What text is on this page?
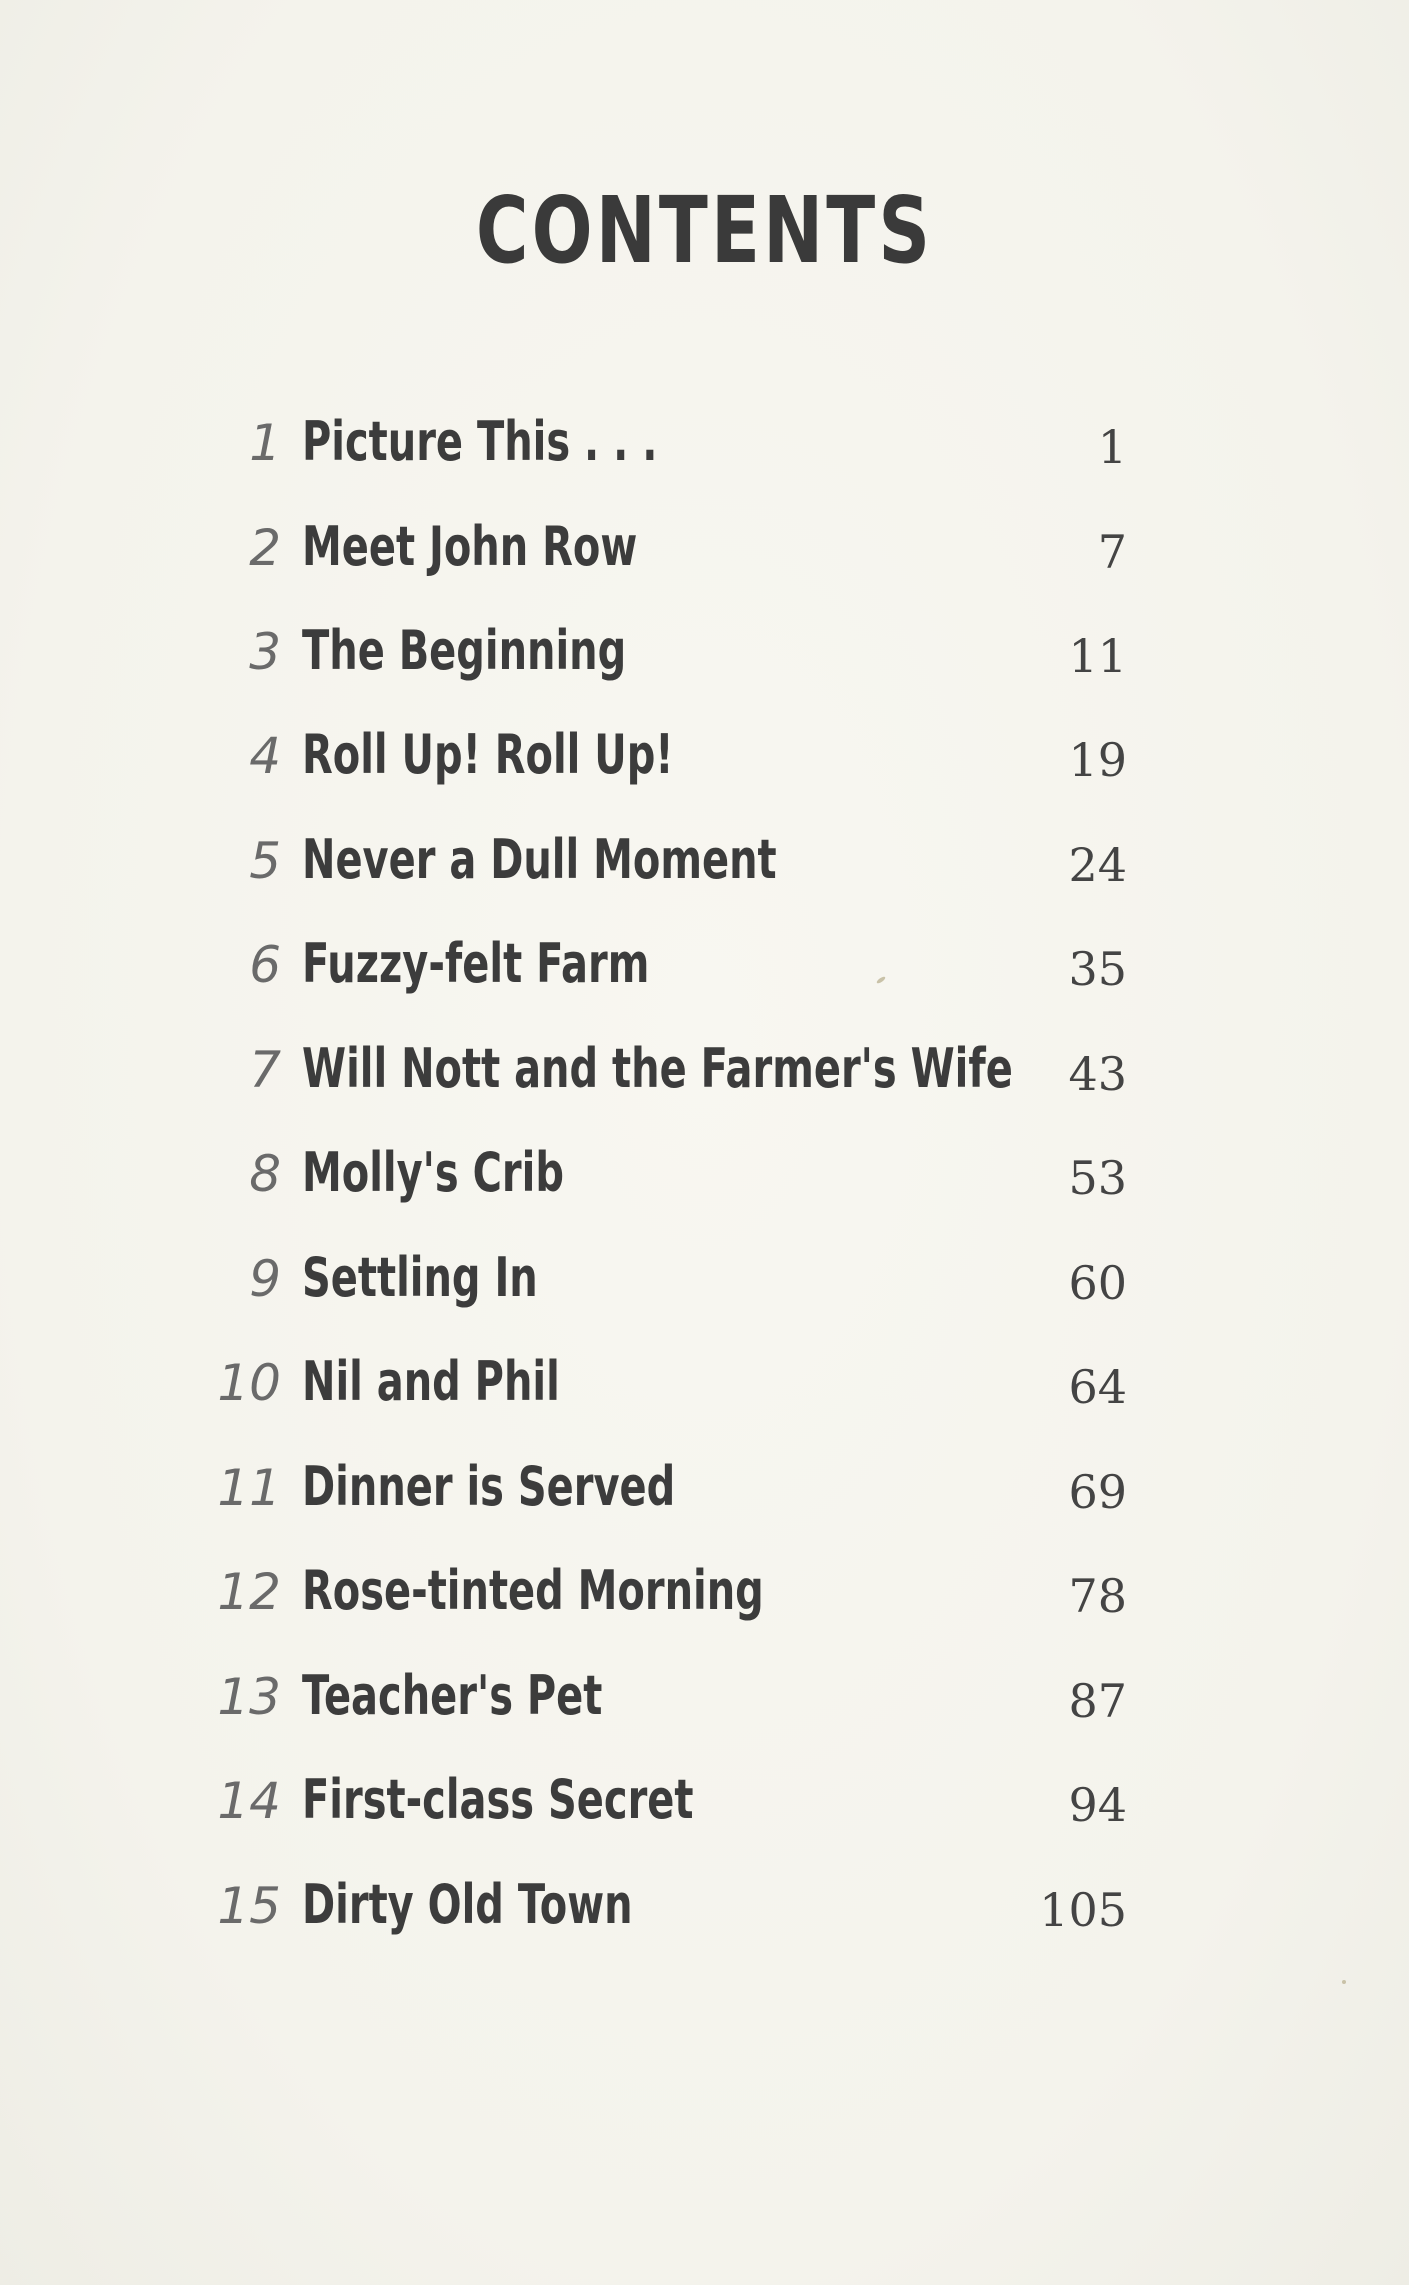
CONTENTS
1 Picture This . . .	1
2 Meet John Row	7
3 The Beginning	11
4 Roll Up! Roll Up!	19
5 Never a Dull Moment	24
6 Fuzzy-felt Farm	35
7 Will Nott and the Farmer's Wife 43
8 Molly's Crib	53
9 Settling In	60
10 Nil and Phil	64
11 Dinner is Served	69
12 Rose-tinted Morning	78
13 Teacher's Pet	87
14 First-class Secret	94
15 Dirty Old Town	105
